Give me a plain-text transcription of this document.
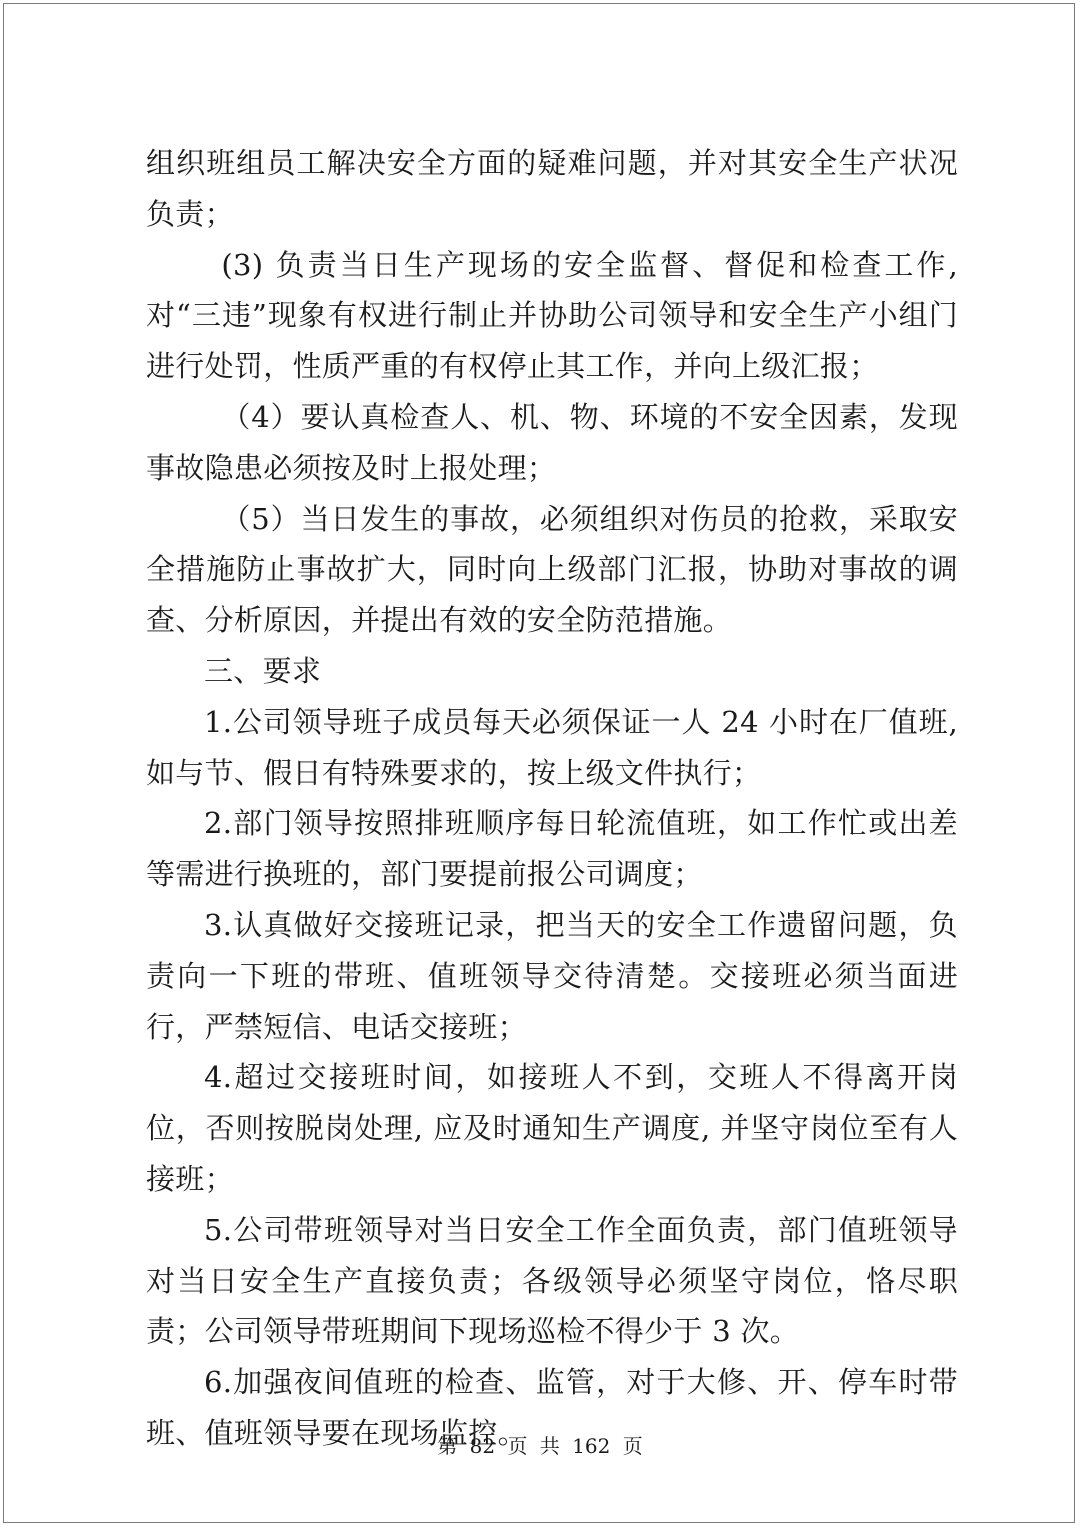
组织班组员工解决安全方面的疑难问题，并对其安全生产状况负责；

(3) 负责当日生产现场的安全监督、督促和检查工作, 对“三违”现象有权进行制止并协助公司领导和安全生产小组门进行处罚，性质严重的有权停止其工作，并向上级汇报；

（4）要认真检查人、机、物、环境的不安全因素，发现事故隐患必须按及时上报处理；

（5）当日发生的事故，必须组织对伤员的抢救，采取安全措施防止事故扩大，同时向上级部门汇报，协助对事故的调查、分析原因，并提出有效的安全防范措施。

三、要求

1.公司领导班子成员每天必须保证一人 24 小时在厂值班, 如与节、假日有特殊要求的，按上级文件执行；

2.部门领导按照排班顺序每日轮流值班，如工作忙或出差等需进行换班的，部门要提前报公司调度；

3.认真做好交接班记录，把当天的安全工作遗留问题，负责向一下班的带班、值班领导交待清楚。交接班必须当面进行，严禁短信、电话交接班；

4.超过交接班时间，如接班人不到，交班人不得离开岗位，否则按脱岗处理, 应及时通知生产调度, 并坚守岗位至有人接班；

5.公司带班领导对当日安全工作全面负责，部门值班领导对当日安全生产直接负责；各级领导必须坚守岗位，恪尽职责；公司领导带班期间下现场巡检不得少于 3 次。

6.加强夜间值班的检查、监管，对于大修、开、停车时带班、值班领导要在现场监控。

第 82 页 共 162 页
